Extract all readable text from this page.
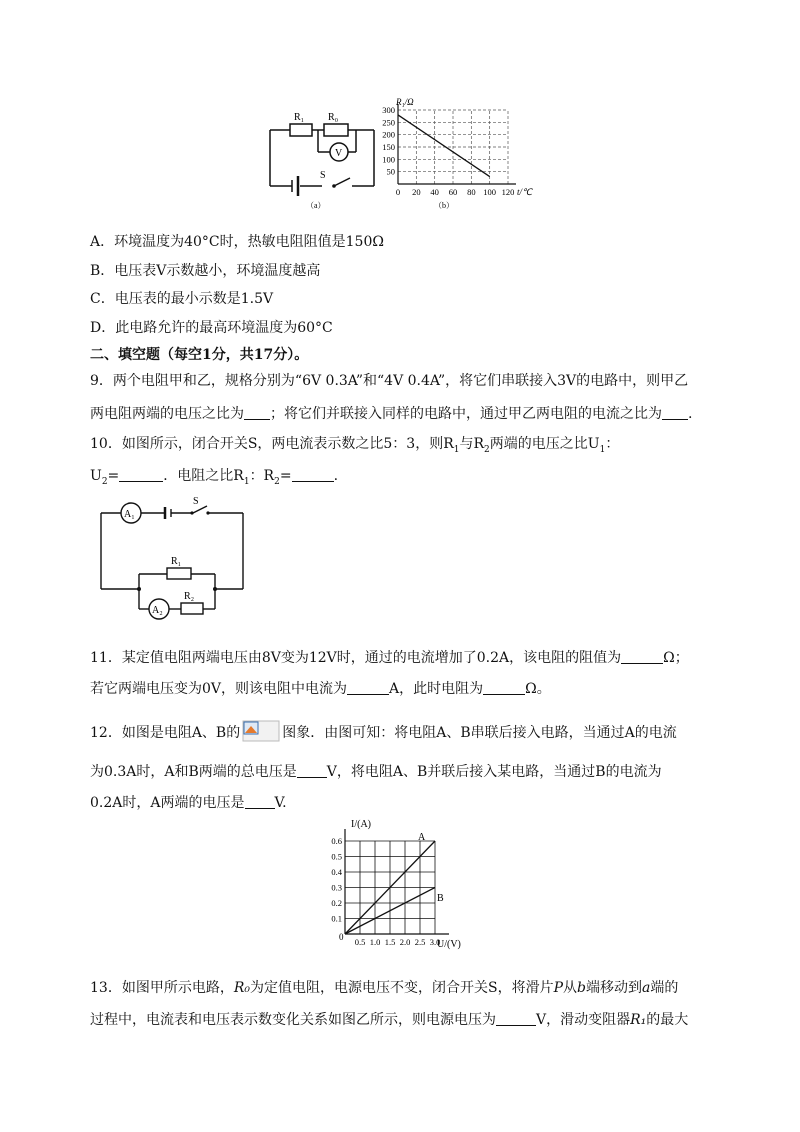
R₁ R₀
V
S
（a）
R₁/Ω
t/℃
（b）
300
250
200
150
100
50
0 20 40 60 80 100 120
A．环境温度为40°C时，热敏电阻阻值是150Ω
B．电压表V示数越小，环境温度越高
C．电压表的最小示数是1.5V
D．此电路允许的最高环境温度为60°C
二、填空题（每空1分，共17分）。
9．两个电阻甲和乙，规格分别为“6V 0.3A”和“4V 0.4A”，将它们串联接入3V的电路中，则甲乙
两电阻两端的电压之比为 ；将它们并联接入同样的电路中，通过甲乙两电阻的电流之比为 .
10．如图所示，闭合开关S，两电流表示数之比5：3，则$R_1$与$R_2$两端的电压之比$U_1$：
$U_2=$	．电阻之比$R_1$：$R_2=$	.
A₁
A₂
S
R₁
R₂
11．某定值电阻两端电压由8V变为12V时，通过的电流增加了0.2A，该电阻的阻值为	Ω；
若它两端电压变为0V，则该电阻中电流为	A，此时电阻为	Ω。
12．如图是电阻A、B的	图象．由图可知：将电阻A、B串联后接入电路，当通过A的电流
为0.3A时，A和B两端的总电压是 V，将电阻A、B并联后接入某电路，当通过B的电流为
0.2A时，A两端的电压是 V.
I/(A)
U/(V)
0
0.6
0.5
0.4
0.3
0.2
0.1
0.5 1.0 1.5 2.0 2.5 3.0
A
B
13．如图甲所示电路，R₀为定值电阻，电源电压不变，闭合开关S，将滑片P从b端移动到a端的
过程中，电流表和电压表示数变化关系如图乙所示，则电源电压为	V，滑动变阻器R₁的最大
